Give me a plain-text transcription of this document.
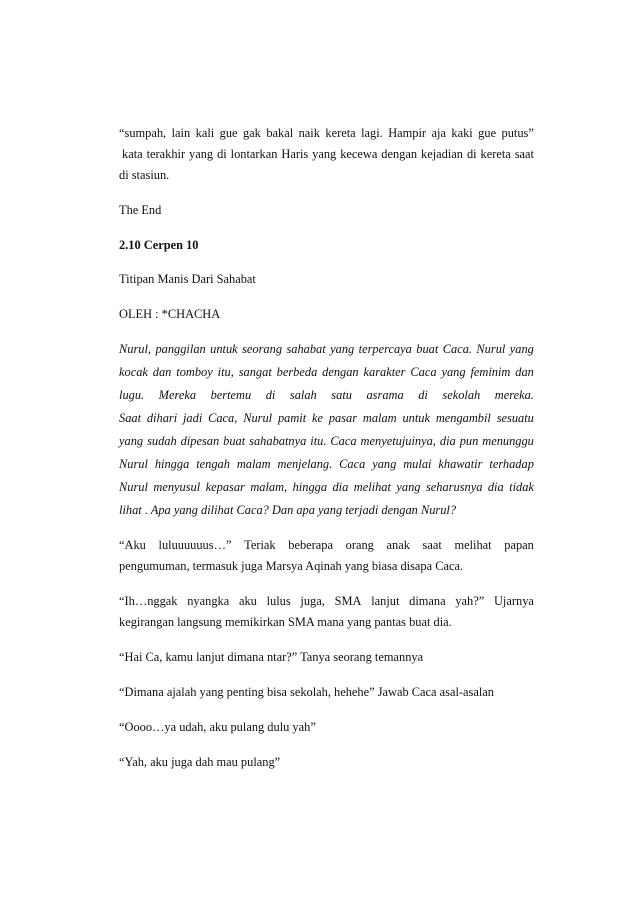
“sumpah, lain kali gue gak bakal naik kereta lagi. Hampir aja kaki gue putus”
kata terakhir yang di lontarkan Haris yang kecewa dengan kejadian di kereta saat
di stasiun.
The End
2.10 Cerpen 10
Titipan Manis Dari Sahabat
OLEH : *CHACHA
Nurul, panggilan untuk seorang sahabat yang terpercaya buat Caca. Nurul yang
kocak dan tomboy itu, sangat berbeda dengan karakter Caca yang feminim dan
lugu. Mereka bertemu di salah satu asrama di sekolah mereka.
Saat dihari jadi Caca, Nurul pamit ke pasar malam untuk mengambil sesuatu
yang sudah dipesan buat sahabatnya itu. Caca menyetujuinya, dia pun menunggu
Nurul hingga tengah malam menjelang. Caca yang mulai khawatir terhadap
Nurul menyusul kepasar malam, hingga dia melihat yang seharusnya dia tidak
lihat . Apa yang dilihat Caca? Dan apa yang terjadi dengan Nurul?
“Aku luluuuuuus…” Teriak beberapa orang anak saat melihat papan
pengumuman, termasuk juga Marsya Aqinah yang biasa disapa Caca.
“Ih…nggak nyangka aku lulus juga, SMA lanjut dimana yah?” Ujarnya
kegirangan langsung memikirkan SMA mana yang pantas buat dia.
“Hai Ca, kamu lanjut dimana ntar?” Tanya seorang temannya
“Dimana ajalah yang penting bisa sekolah, hehehe” Jawab Caca asal-asalan
“Oooo…ya udah, aku pulang dulu yah”
“Yah, aku juga dah mau pulang”
